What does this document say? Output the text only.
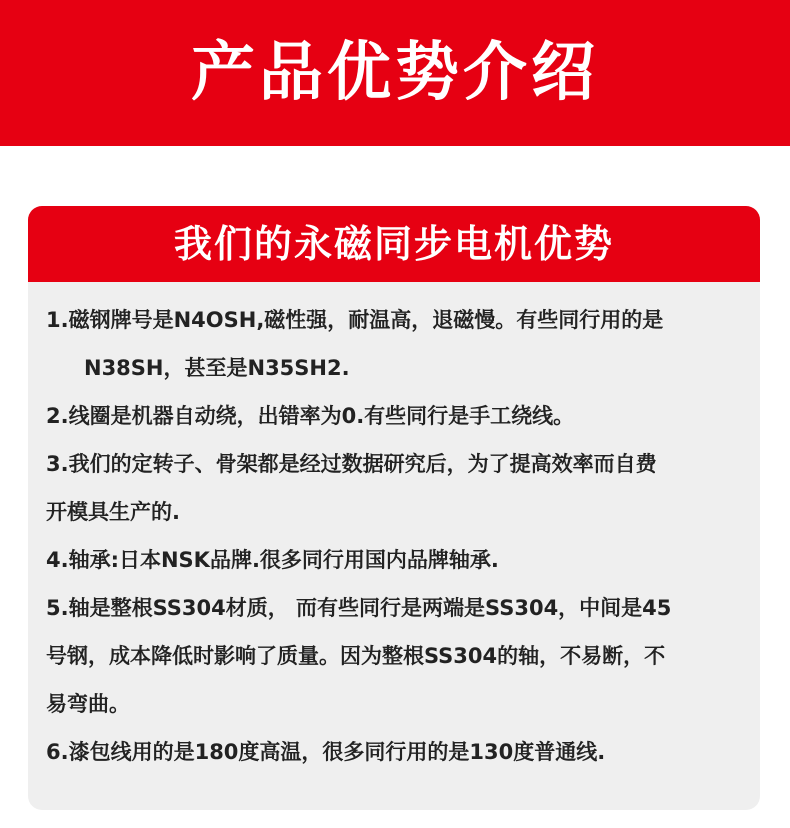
产品优势介绍
我们的永磁同步电机优势

1.磁钢牌号是N4OSH,磁性强，耐温高，退磁慢。有些同行用的是

N38SH，甚至是N35SH2.

2.线圈是机器自动绕，出错率为0.有些同行是手工绕线。

3.我们的定转子、骨架都是经过数据研究后，为了提高效率而自费

开模具生产的.

4.轴承:日本NSK品牌.很多同行用国内品牌轴承.

5.轴是整根SS304材质， 而有些同行是两端是SS304，中间是45

号钢，成本降低时影响了质量。因为整根SS304的轴，不易断，不

易弯曲。

6.漆包线用的是180度高温，很多同行用的是130度普通线.
